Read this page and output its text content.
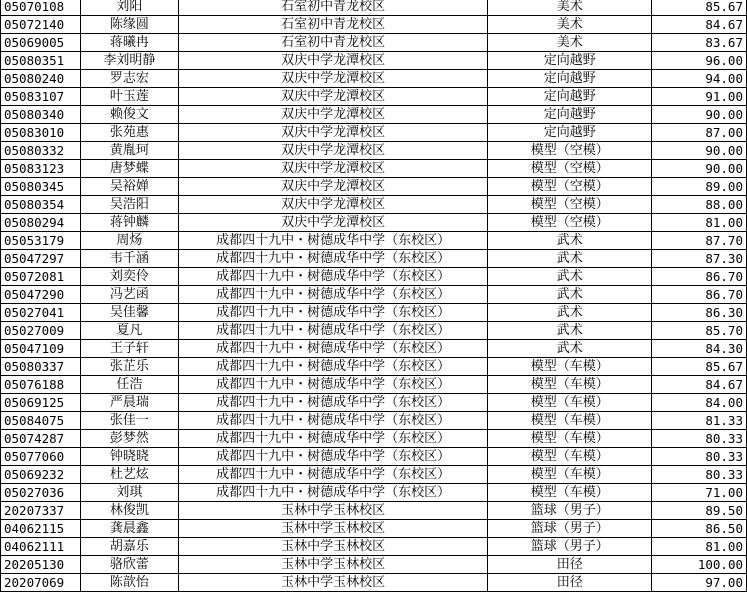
05070108	刘阳	石室初中青龙校区	美术	85.67
05072140	陈缘圆	石室初中青龙校区	美术	84.67
05069005	蒋曦冉	石室初中青龙校区	美术	83.67
05080351	李刘明静	双庆中学龙潭校区	定向越野	96.00
05080240	罗志宏	双庆中学龙潭校区	定向越野	94.00
05083107	叶玉莲	双庆中学龙潭校区	定向越野	91.00
05080340	赖俊文	双庆中学龙潭校区	定向越野	90.00
05083010	张苑惠	双庆中学龙潭校区	定向越野	87.00
05080332	黄胤珂	双庆中学龙潭校区	模型（空模）	90.00
05083123	唐梦蝶	双庆中学龙潭校区	模型（空模）	90.00
05080345	吴裕婵	双庆中学龙潭校区	模型（空模）	89.00
05080354	吴浩阳	双庆中学龙潭校区	模型（空模）	88.00
05080294	蒋钟麟	双庆中学龙潭校区	模型（空模）	81.00
05053179	周炀	成都四十九中・树德成华中学（东校区）	武术	87.70
05047297	韦千涵	成都四十九中・树德成华中学（东校区）	武术	87.30
05072081	刘奕伶	成都四十九中・树德成华中学（东校区）	武术	86.70
05047290	冯艺函	成都四十九中・树德成华中学（东校区）	武术	86.70
05027041	吴佳馨	成都四十九中・树德成华中学（东校区）	武术	86.30
05027009	夏凡	成都四十九中・树德成华中学（东校区）	武术	85.70
05047109	王子轩	成都四十九中・树德成华中学（东校区）	武术	84.30
05080337	张芷乐	成都四十九中・树德成华中学（东校区）	模型（车模）	85.67
05076188	任浩	成都四十九中・树德成华中学（东校区）	模型（车模）	84.67
05069125	严晨瑞	成都四十九中・树德成华中学（东校区）	模型（车模）	84.00
05084075	张佳一	成都四十九中・树德成华中学（东校区）	模型（车模）	81.33
05074287	彭梦然	成都四十九中・树德成华中学（东校区）	模型（车模）	80.33
05077060	钟晓晓	成都四十九中・树德成华中学（东校区）	模型（车模）	80.33
05069232	杜艺炫	成都四十九中・树德成华中学（东校区）	模型（车模）	80.33
05027036	刘琪	成都四十九中・树德成华中学（东校区）	模型（车模）	71.00
20207337	林俊凯	玉林中学玉林校区	篮球（男子）	89.50
04062115	龚晨鑫	玉林中学玉林校区	篮球（男子）	86.50
04062111	胡嘉乐	玉林中学玉林校区	篮球（男子）	81.00
20205130	骆欣蕾	玉林中学玉林校区	田径	100.00
20207069	陈歆怡	玉林中学玉林校区	田径	97.00
